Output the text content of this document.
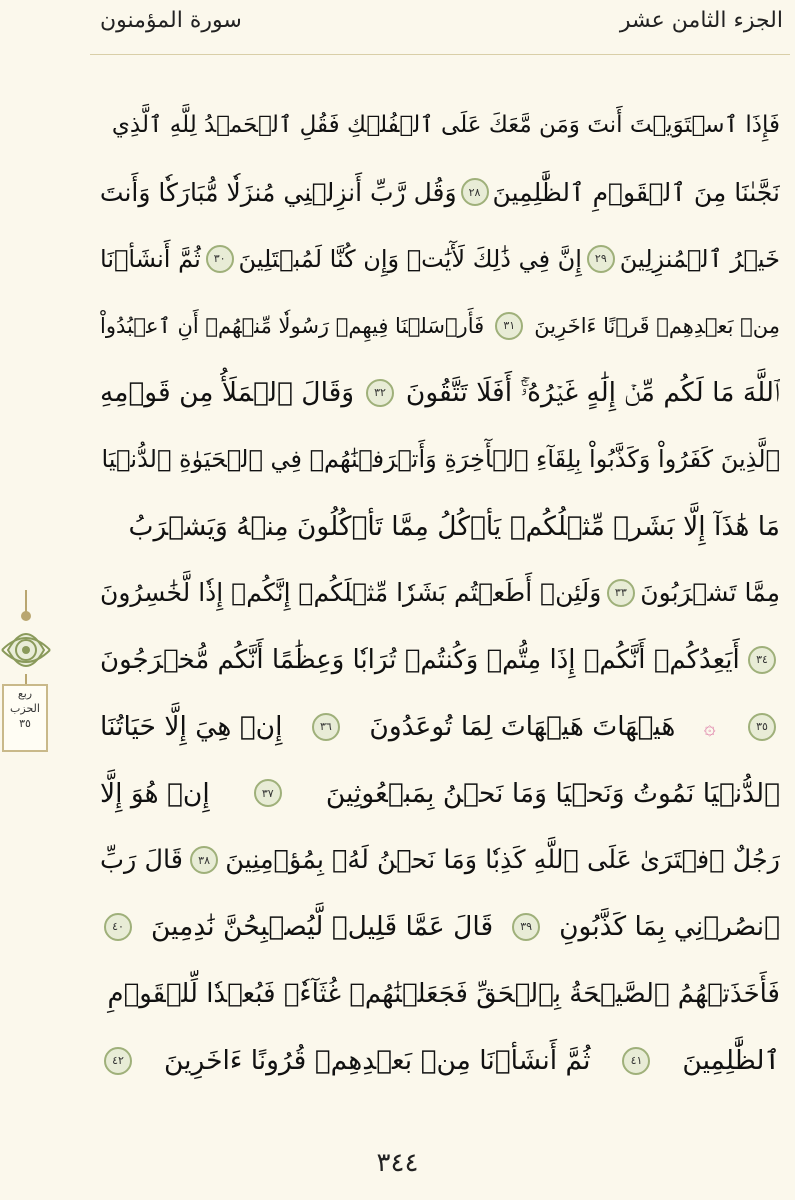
الجزء الثامن عشر
سورة المؤمنون
ربع
الحزب
٣٥
فَإِذَا ٱسۡتَوَيۡتَ أَنتَ وَمَن مَّعَكَ عَلَى ٱلۡفُلۡكِ فَقُلِ ٱلۡحَمۡدُ لِلَّهِ ٱلَّذِي
نَجَّىٰنَا مِنَ ٱلۡقَوۡمِ ٱلظَّٰلِمِينَ
٢٨
وَقُل رَّبِّ أَنزِلۡنِي مُنزَلٗا مُّبَارَكٗا وَأَنتَ
خَيۡرُ ٱلۡمُنزِلِينَ
٢٩
إِنَّ فِي ذَٰلِكَ لَأٓيَٰتٖ وَإِن كُنَّا لَمُبۡتَلِينَ
٣٠
ثُمَّ أَنشَأۡنَا
مِنۢ بَعۡدِهِمۡ قَرۡنًا ءَاخَرِينَ
٣١
فَأَرۡسَلۡنَا فِيهِمۡ رَسُولٗا مِّنۡهُمۡ أَنِ ٱعۡبُدُواْ
ٱللَّهَ مَا لَكُم مِّنۡ إِلَٰهٍ غَيۡرُهُۥٓۚ أَفَلَا تَتَّقُونَ
٣٢
وَقَالَ ٱلۡمَلَأُ مِن قَوۡمِهِ
ٱلَّذِينَ كَفَرُواْ وَكَذَّبُواْ بِلِقَآءِ ٱلۡأٓخِرَةِ وَأَتۡرَفۡنَٰهُمۡ فِي ٱلۡحَيَوٰةِ ٱلدُّنۡيَا
مَا هَٰذَآ إِلَّا بَشَرٞ مِّثۡلُكُمۡ يَأۡكُلُ مِمَّا تَأۡكُلُونَ مِنۡهُ وَيَشۡرَبُ
مِمَّا تَشۡرَبُونَ
٣٣
وَلَئِنۡ أَطَعۡتُم بَشَرٗا مِّثۡلَكُمۡ إِنَّكُمۡ إِذٗا لَّخَٰسِرُونَ
٣٤
أَيَعِدُكُمۡ أَنَّكُمۡ إِذَا مِتُّمۡ وَكُنتُمۡ تُرَابٗا وَعِظَٰمًا أَنَّكُم مُّخۡرَجُونَ
٣٥
۞
هَيۡهَاتَ هَيۡهَاتَ لِمَا تُوعَدُونَ
٣٦
إِنۡ هِيَ إِلَّا حَيَاتُنَا
ٱلدُّنۡيَا نَمُوتُ وَنَحۡيَا وَمَا نَحۡنُ بِمَبۡعُوثِينَ
٣٧
إِنۡ هُوَ إِلَّا
رَجُلٌ ٱفۡتَرَىٰ عَلَى ٱللَّهِ كَذِبٗا وَمَا نَحۡنُ لَهُۥ بِمُؤۡمِنِينَ
٣٨
قَالَ رَبِّ
ٱنصُرۡنِي بِمَا كَذَّبُونِ
٣٩
قَالَ عَمَّا قَلِيلٖ لَّيُصۡبِحُنَّ نَٰدِمِينَ
٤٠
فَأَخَذَتۡهُمُ ٱلصَّيۡحَةُ بِٱلۡحَقِّ فَجَعَلۡنَٰهُمۡ غُثَآءٗۚ فَبُعۡدٗا لِّلۡقَوۡمِ
ٱلظَّٰلِمِينَ
٤١
ثُمَّ أَنشَأۡنَا مِنۢ بَعۡدِهِمۡ قُرُونًا ءَاخَرِينَ
٤٢
٣٤٤
